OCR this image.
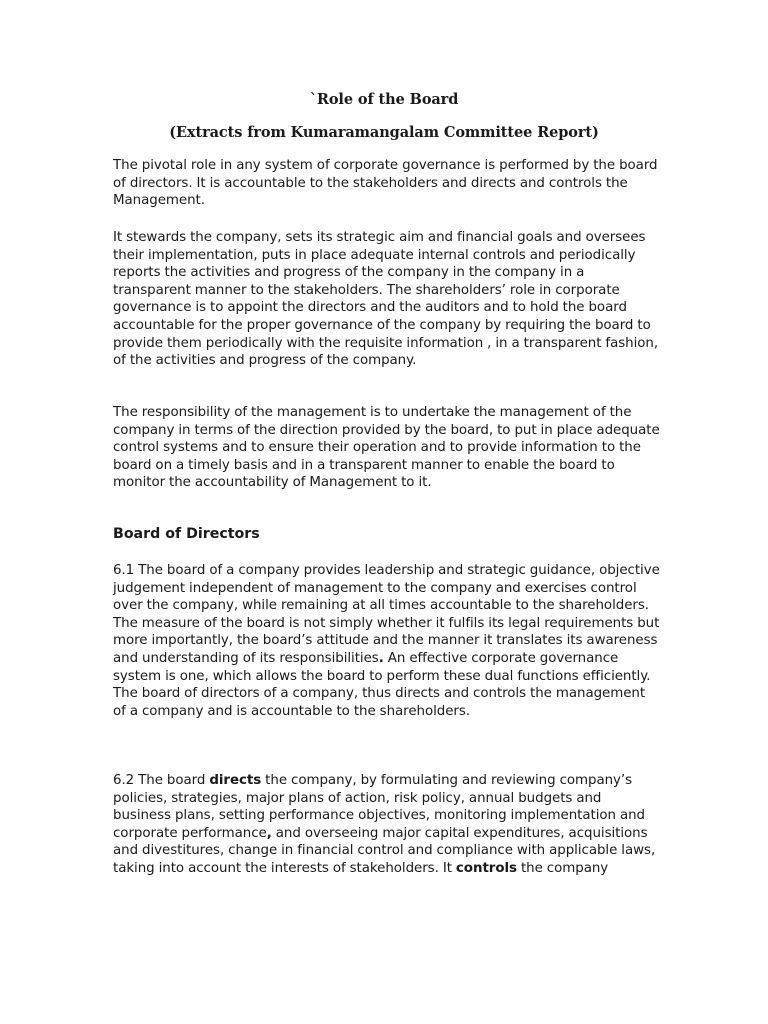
`Role of the Board
(Extracts from Kumaramangalam Committee Report)

The pivotal role in any system of corporate governance is performed by the board of directors. It is accountable to the stakeholders and directs and controls the Management.

It stewards the company, sets its strategic aim and financial goals and oversees their implementation, puts in place adequate internal controls and periodically reports the activities and progress of the company in the company in a transparent manner to the stakeholders. The shareholders’ role in corporate governance is to appoint the directors and the auditors and to hold the board accountable for the proper governance of the company by requiring the board to provide them periodically with the requisite information , in a transparent fashion, of the activities and progress of the company.

The responsibility of the management is to undertake the management of the company in terms of the direction provided by the board, to put in place adequate control systems and to ensure their operation and to provide information to the board on a timely basis and in a transparent manner to enable the board to monitor the accountability of Management to it.

Board of Directors

6.1 The board of a company provides leadership and strategic guidance, objective judgement independent of management to the company and exercises control over the company, while remaining at all times accountable to the shareholders. The measure of the board is not simply whether it fulfils its legal requirements but more importantly, the board’s attitude and the manner it translates its awareness and understanding of its responsibilities. An effective corporate governance system is one, which allows the board to perform these dual functions efficiently. The board of directors of a company, thus directs and controls the management of a company and is accountable to the shareholders.

6.2 The board directs the company, by formulating and reviewing company’s policies, strategies, major plans of action, risk policy, annual budgets and business plans, setting performance objectives, monitoring implementation and corporate performance, and overseeing major capital expenditures, acquisitions and divestitures, change in financial control and compliance with applicable laws, taking into account the interests of stakeholders. It controls the company
